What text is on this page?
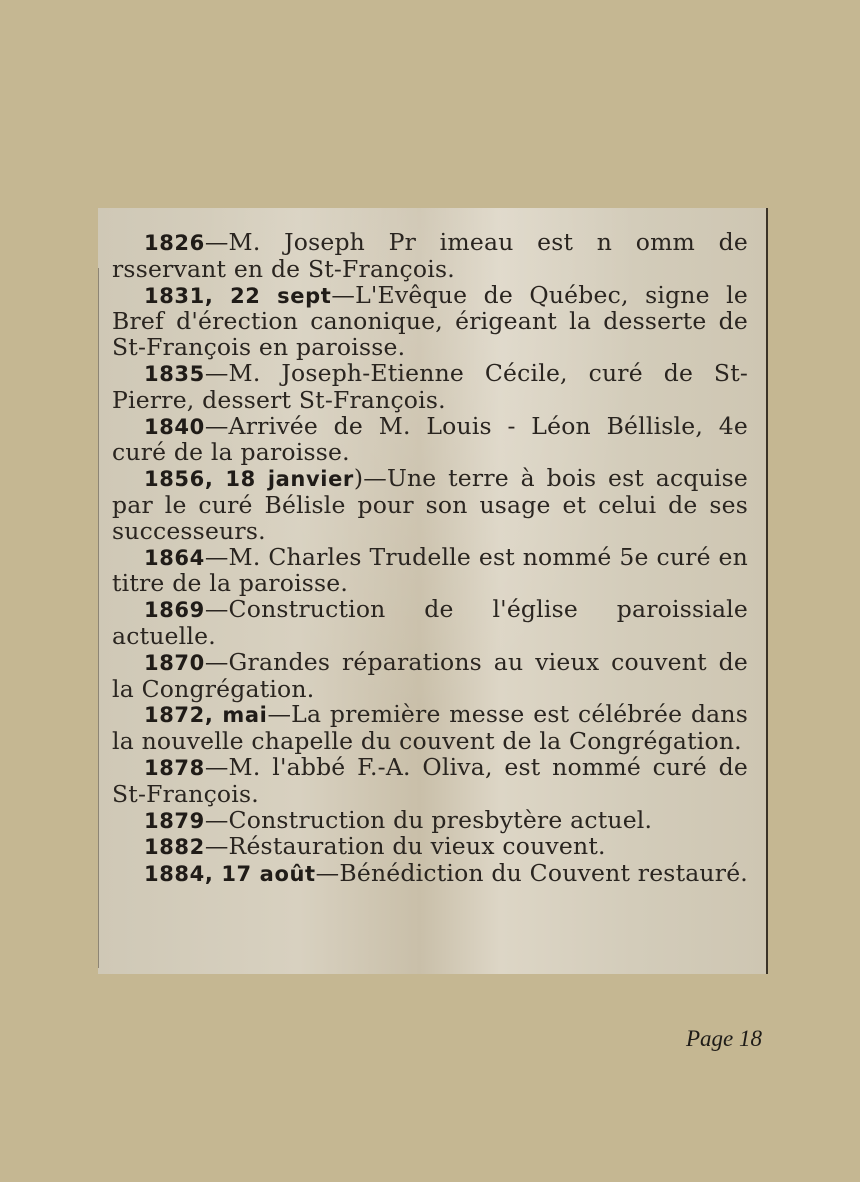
1826—M. Joseph Pr imeau est n omm de rsservant en de St-François.

1831, 22 sept—L'Evêque de Québec, signe le Bref d'érection canonique, érigeant la desserte de St-François en paroisse.

1835—M. Joseph-Etienne Cécile, curé de St-Pierre, dessert St-François.

1840—Arrivée de M. Louis - Léon Béllisle, 4e curé de la paroisse.

1856, 18 janvier)—Une terre à bois est acquise par le curé Bélisle pour son usage et celui de ses successeurs.

1864—M. Charles Trudelle est nommé 5e curé en titre de la paroisse.

1869—Construction de l'église paroissiale actuelle.

1870—Grandes réparations au vieux couvent de la Congrégation.

1872, mai—La première messe est célébrée dans la nouvelle chapelle du couvent de la Congrégation.

1878—M. l'abbé F.-A. Oliva, est nommé curé de St-François.

1879—Construction du presbytère actuel.

1882—Réstauration du vieux couvent.

1884, 17 août—Bénédiction du Couvent restauré.

Page 18
